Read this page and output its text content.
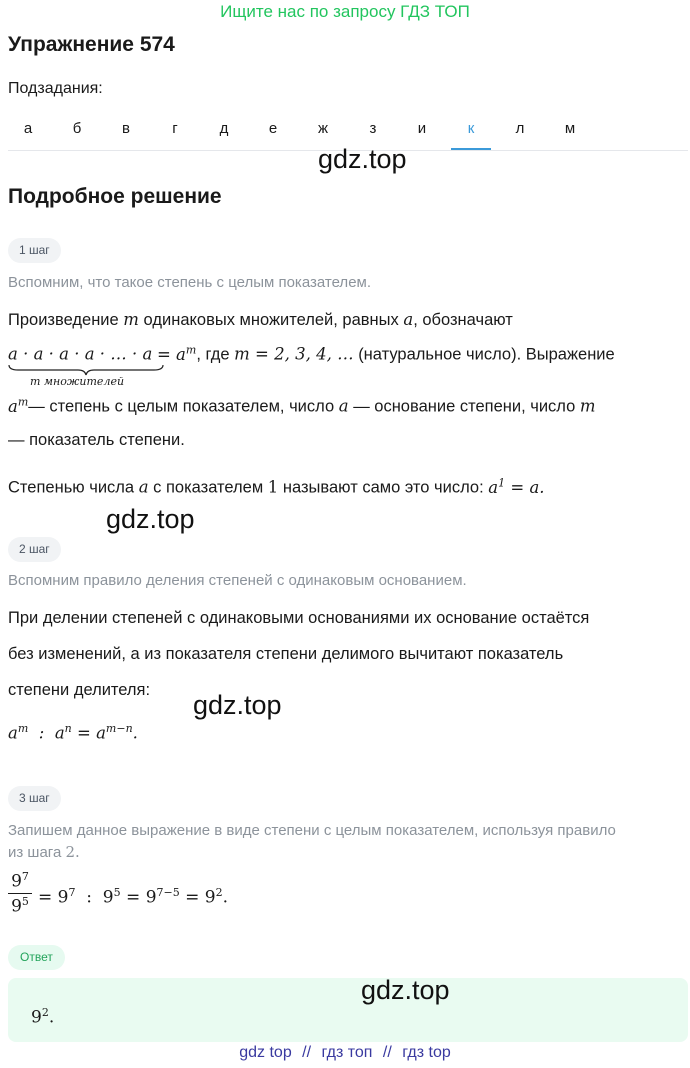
Ищите нас по запросу ГДЗ ТОП
Упражнение 574
Подзадания:
а	б	в	г	д	е	ж	з	и	к	л	м
gdz.top
Подробное решение
1 шаг
Вспомним, что такое степень с целым показателем.
Произведение m одинаковых множителей, равных a, обозначают
a · a · a · a · … · $a = a^m$, где m = 2, 3, 4, … (натуральное число). Выражение
m множителей
$a^m—$ степень с целым показателем, число a — основание степени, число m
— показатель степени.
Степенью числа a с показателем 1 называют само это число: $a^1 = a$.
gdz.top
2 шаг
Вспомним правило деления степеней с одинаковым основанием.
При делении степеней с одинаковыми основаниями их основание остаётся
без изменений, а из показателя степени делимого вычитают показатель
степени делителя: gdz.top
$a^m$  :  $a^n = a^{m-n}$.
3 шаг
Запишем данное выражение в виде степени с целым показателем, используя правило
из шага 2.
$9^7$
$9^5 = 9^7$  :  $9^5 = 9^{7-5} = 9^2$.
Ответ
$9^2$.
gdz.top
gdz top // гдз топ // гдз top
